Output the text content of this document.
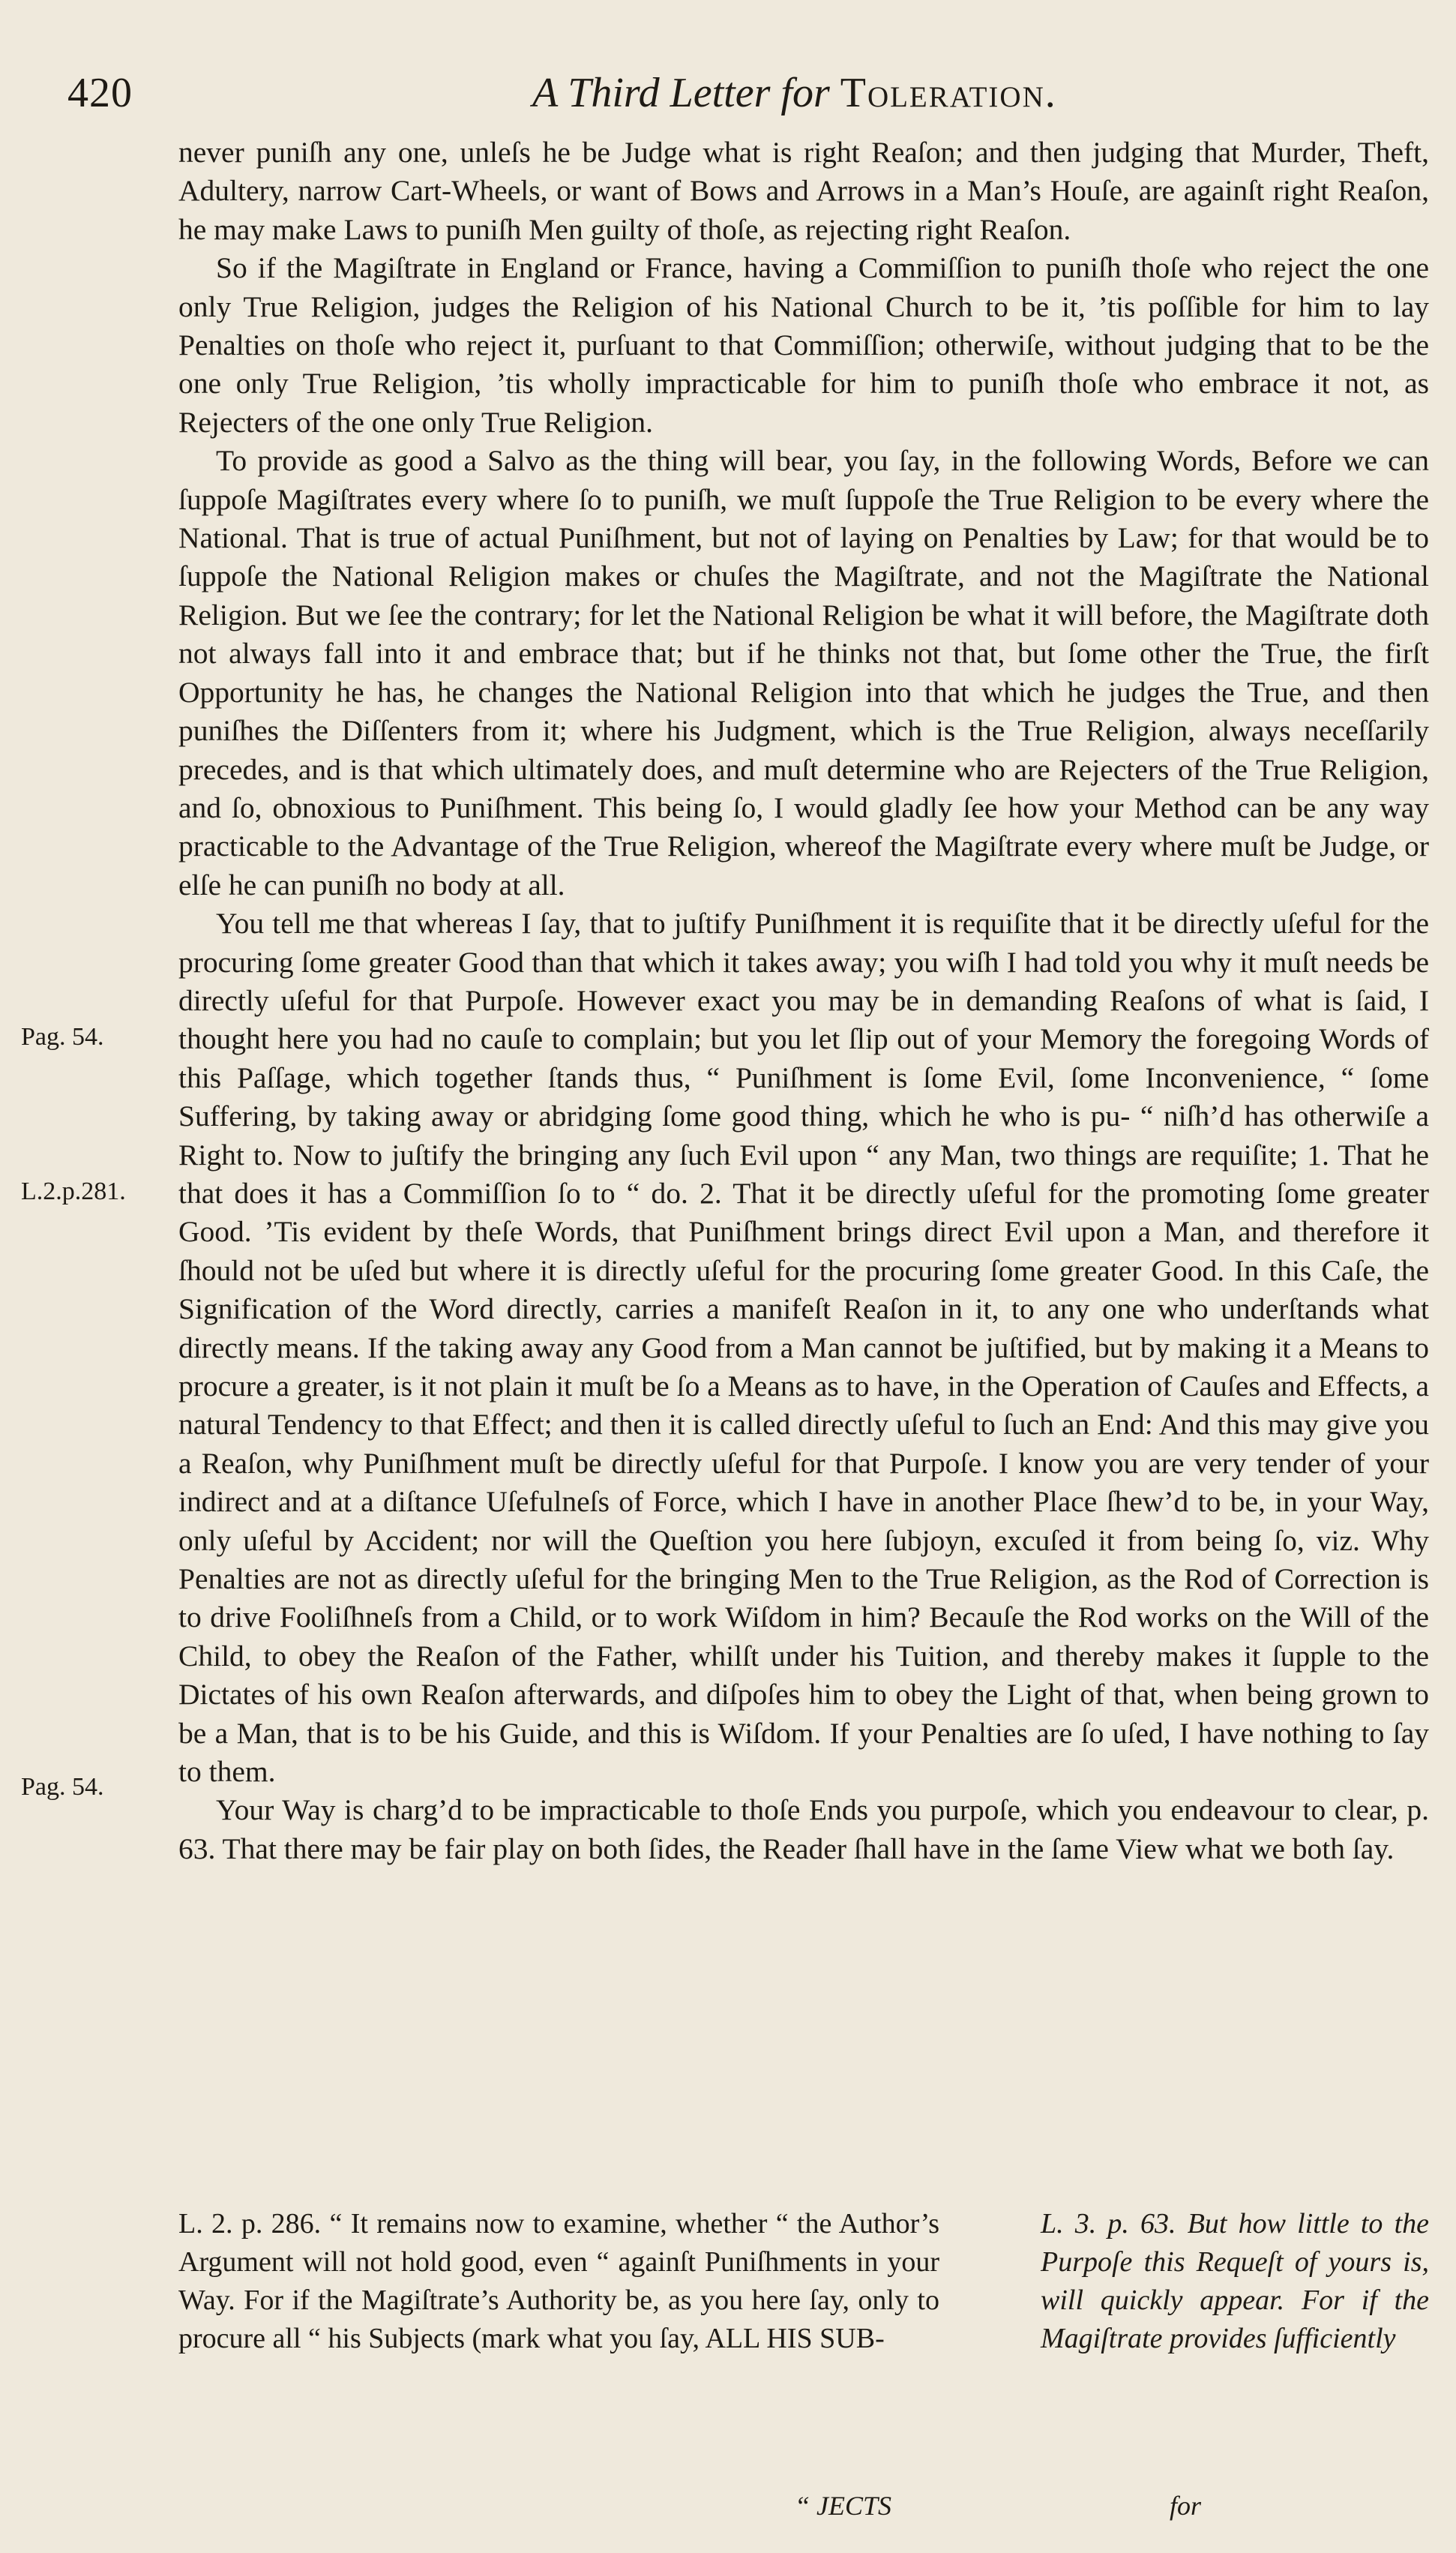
420	A Third Letter for Toleration.
Pag. 54.
L.2.p.281.
Pag. 54.

never puniſh any one, unleſs he be Judge what is right Reaſon; and then judging that Murder, Theft, Adultery, narrow Cart-Wheels, or want of Bows and Arrows in a Man’s Houſe, are againſt right Reaſon, he may make Laws to puniſh Men guilty of thoſe, as rejecting right Reaſon.

So if the Magiſtrate in England or France, having a Commiſſion to puniſh thoſe who reject the one only True Religion, judges the Religion of his National Church to be it, ’tis poſſible for him to lay Penalties on thoſe who reject it, purſuant to that Commiſſion; otherwiſe, without judging that to be the one only True Religion, ’tis wholly impracticable for him to puniſh thoſe who embrace it not, as Rejecters of the one only True Religion.

To provide as good a Salvo as the thing will bear, you ſay, in the following Words, Before we can ſuppoſe Magiſtrates every where ſo to puniſh, we muſt ſuppoſe the True Religion to be every where the National. That is true of actual Puniſhment, but not of laying on Penalties by Law; for that would be to ſuppoſe the National Religion makes or chuſes the Magiſtrate, and not the Magiſtrate the National Religion. But we ſee the contrary; for let the National Religion be what it will before, the Magiſtrate doth not always fall into it and embrace that; but if he thinks not that, but ſome other the True, the firſt Opportunity he has, he changes the National Religion into that which he judges the True, and then puniſhes the Diſſenters from it; where his Judgment, which is the True Religion, always neceſſarily precedes, and is that which ultimately does, and muſt determine who are Rejecters of the True Religion, and ſo, obnoxious to Puniſhment. This being ſo, I would gladly ſee how your Method can be any way practicable to the Advantage of the True Religion, whereof the Magiſtrate every where muſt be Judge, or elſe he can puniſh no body at all.

You tell me that whereas I ſay, that to juſtify Puniſhment it is requiſite that it be directly uſeful for the procuring ſome greater Good than that which it takes away; you wiſh I had told you why it muſt needs be directly uſeful for that Purpoſe. However exact you may be in demanding Reaſons of what is ſaid, I thought here you had no cauſe to complain; but you let ſlip out of your Memory the foregoing Words of this Paſſage, which together ſtands thus, “ Puniſhment is ſome Evil, ſome Inconvenience, “ ſome Suffering, by taking away or abridging ſome good thing, which he who is pu- “ niſh’d has otherwiſe a Right to. Now to juſtify the bringing any ſuch Evil upon “ any Man, two things are requiſite; 1. That he that does it has a Commiſſion ſo to “ do. 2. That it be directly uſeful for the promoting ſome greater Good. ’Tis evident by theſe Words, that Puniſhment brings direct Evil upon a Man, and therefore it ſhould not be uſed but where it is directly uſeful for the procuring ſome greater Good. In this Caſe, the Signification of the Word directly, carries a manifeſt Reaſon in it, to any one who underſtands what directly means. If the taking away any Good from a Man cannot be juſtified, but by making it a Means to procure a greater, is it not plain it muſt be ſo a Means as to have, in the Operation of Cauſes and Effects, a natural Tendency to that Effect; and then it is called directly uſeful to ſuch an End: And this may give you a Reaſon, why Puniſhment muſt be directly uſeful for that Purpoſe. I know you are very tender of your indirect and at a diſtance Uſefulneſs of Force, which I have in another Place ſhew’d to be, in your Way, only uſeful by Accident; nor will the Queſtion you here ſubjoyn, excuſed it from being ſo, viz. Why Penalties are not as directly uſeful for the bringing Men to the True Religion, as the Rod of Correction is to drive Fooliſhneſs from a Child, or to work Wiſdom in him? Becauſe the Rod works on the Will of the Child, to obey the Reaſon of the Father, whilſt under his Tuition, and thereby makes it ſupple to the Dictates of his own Reaſon afterwards, and diſpoſes him to obey the Light of that, when being grown to be a Man, that is to be his Guide, and this is Wiſdom. If your Penalties are ſo uſed, I have nothing to ſay to them.

Your Way is charg’d to be impracticable to thoſe Ends you purpoſe, which you endeavour to clear, p. 63. That there may be fair play on both ſides, the Reader ſhall have in the ſame View what we both ſay.

L. 2. p. 286. “ It remains now to examine, whether “ the Author’s Argument will not hold good, even “ againſt Puniſhments in your Way. For if the Magiſtrate’s Authority be, as you here ſay, only to procure all “ his Subjects (mark what you ſay, ALL HIS SUB-

L. 3. p. 63. But how little to the Purpoſe this Requeſt of yours is, will quickly appear. For if the Magiſtrate provides ſufficiently

“ JECTS	for
